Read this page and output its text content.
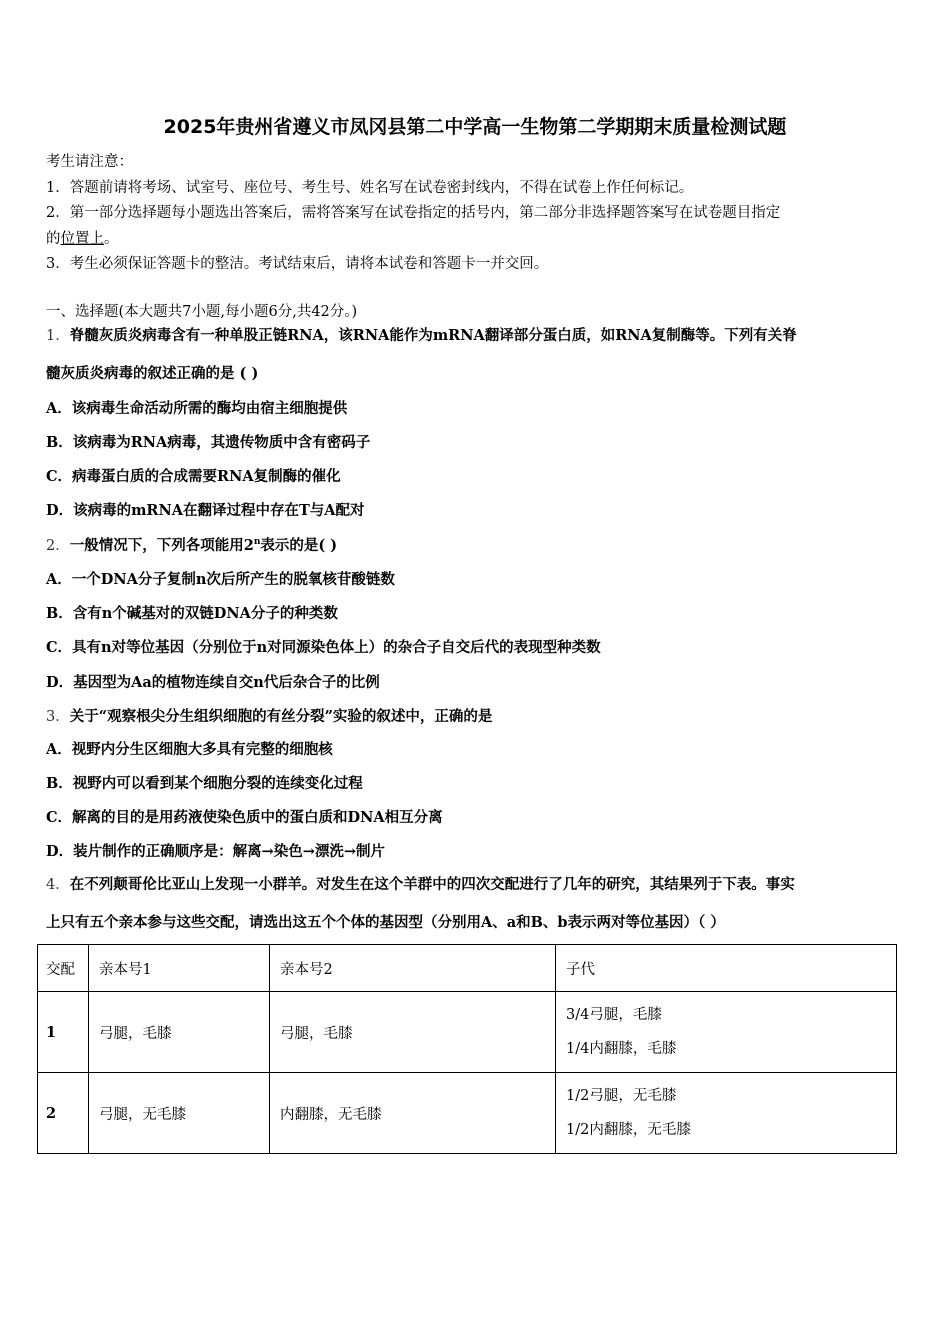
2025年贵州省遵义市凤冈县第二中学高一生物第二学期期末质量检测试题

考生请注意：

1．答题前请将考场、试室号、座位号、考生号、姓名写在试卷密封线内，不得在试卷上作任何标记。

2．第一部分选择题每小题选出答案后，需将答案写在试卷指定的括号内，第二部分非选择题答案写在试卷题目指定

的位置上。

3．考生必须保证答题卡的整洁。考试结束后，请将本试卷和答题卡一并交回。

一、选择题(本大题共7小题,每小题6分,共42分。)
1．脊髓灰质炎病毒含有一种单股正链RNA，该RNA能作为mRNA翻译部分蛋白质，如RNA复制酶等。下列有关脊
髓灰质炎病毒的叙述正确的是 ( )
A．该病毒生命活动所需的酶均由宿主细胞提供
B．该病毒为RNA病毒，其遗传物质中含有密码子
C．病毒蛋白质的合成需要RNA复制酶的催化
D．该病毒的mRNA在翻译过程中存在T与A配对
2．一般情况下，下列各项能用2$^n$表示的是( )
A．一个DNA分子复制n次后所产生的脱氧核苷酸链数
B．含有n个碱基对的双链DNA分子的种类数
C．具有n对等位基因（分别位于n对同源染色体上）的杂合子自交后代的表现型种类数
D．基因型为Aa的植物连续自交n代后杂合子的比例
3．关于“观察根尖分生组织细胞的有丝分裂”实验的叙述中，正确的是
A．视野内分生区细胞大多具有完整的细胞核
B．视野内可以看到某个细胞分裂的连续变化过程
C．解离的目的是用药液使染色质中的蛋白质和DNA相互分离
D．装片制作的正确顺序是：解离→染色→漂洗→制片
4．在不列颠哥伦比亚山上发现一小群羊。对发生在这个羊群中的四次交配进行了几年的研究，其结果列于下表。事实
上只有五个亲本参与这些交配，请选出这五个个体的基因型（分别用A、a和B、b表示两对等位基因）（ ）
交配	亲本号1	亲本号2	子代
1	弓腿，毛膝	弓腿，毛膝	3/4弓腿，毛膝
1/4内翻膝，毛膝

2	弓腿，无毛膝	内翻膝，无毛膝	1/2弓腿，无毛膝
1/2内翻膝，无毛膝
